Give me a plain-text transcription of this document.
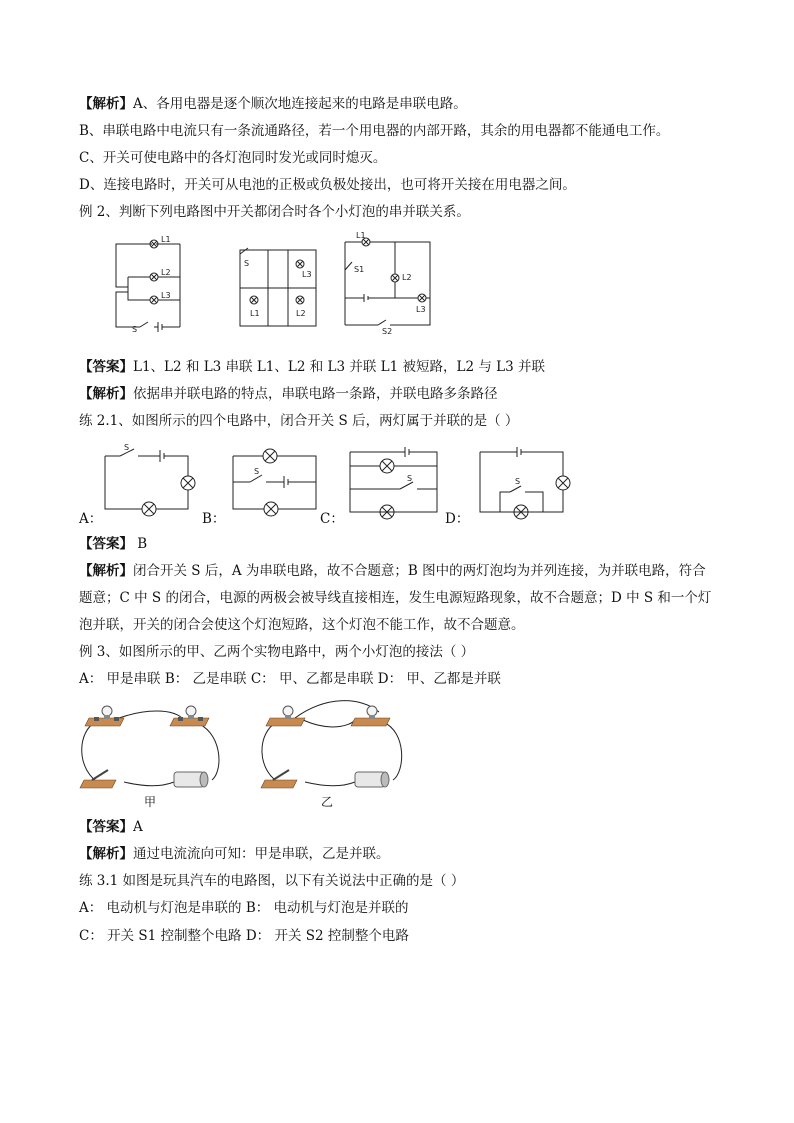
【解析】A、各用电器是逐个顺次地连接起来的电路是串联电路。
B、串联电路中电流只有一条流通路径，若一个用电器的内部开路，其余的用电器都不能通电工作。
C、开关可使电路中的各灯泡同时发光或同时熄灭。
D、连接电路时，开关可从电池的正极或负极处接出，也可将开关接在用电器之间。
例 2、判断下列电路图中开关都闭合时各个小灯泡的串并联关系。
L1
L2
L3
S
S
L3
L1	L2
L1
S1
L2
L3
S2
【答案】L1、L2 和 L3 串联 L1、L2 和 L3 并联 L1 被短路，L2 与 L3 并联
【解析】依据串并联电路的特点，串联电路一条路，并联电路多条路径
练 2.1、如图所示的四个电路中，闭合开关 S 后，两灯属于并联的是（ ）
S
A：
S
B：
S
C：
S
D：
【答案】 B
【解析】闭合开关 S 后，A 为串联电路，故不合题意；B 图中的两灯泡均为并列连接，为并联电路，符合
题意；C 中 S 的闭合，电源的两极会被导线直接相连，发生电源短路现象，故不合题意；D 中 S 和一个灯
泡并联，开关的闭合会使这个灯泡短路，这个灯泡不能工作，故不合题意。
例 3、如图所示的甲、乙两个实物电路中，两个小灯泡的接法（ ）
A： 甲是串联 B： 乙是串联 C： 甲、乙都是串联 D： 甲、乙都是并联
甲	乙
【答案】A
【解析】通过电流流向可知：甲是串联，乙是并联。
练 3.1 如图是玩具汽车的电路图，以下有关说法中正确的是（ ）
A： 电动机与灯泡是串联的 B： 电动机与灯泡是并联的
C： 开关 S1 控制整个电路 D： 开关 S2 控制整个电路
